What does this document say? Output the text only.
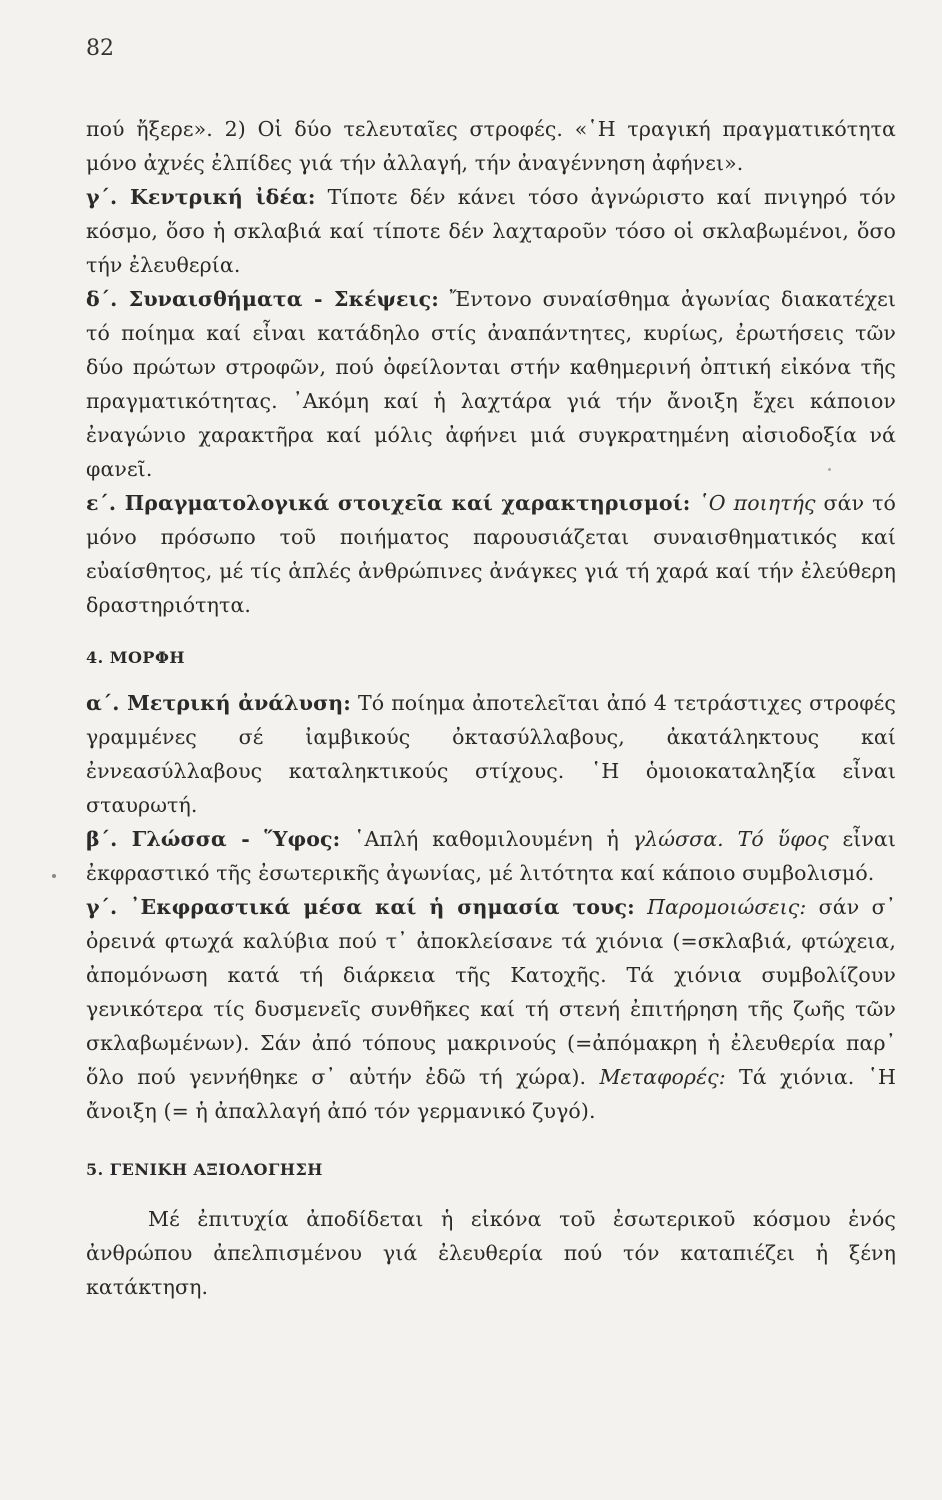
82

πού ἤξερε». 2) Οἱ δύο τελευταῖες στροφές. «῾Η τραγική πραγματικότητα μόνο ἀχνές ἐλπίδες γιά τήν ἀλλαγή, τήν ἀναγέννηση ἀφήνει».

γ΄. Κεντρική ἰδέα: Τίποτε δέν κάνει τόσο ἀγνώριστο καί πνιγηρό τόν κόσμο, ὅσο ἡ σκλαβιά καί τίποτε δέν λαχταροῦν τόσο οἱ σκλαβωμένοι, ὅσο τήν ἐλευθερία.

δ΄. Συναισθήματα - Σκέψεις: Ἔντονο συναίσθημα ἀγωνίας διακατέχει τό ποίημα καί εἶναι κατάδηλο στίς ἀναπάντητες, κυρίως, ἐρωτήσεις τῶν δύο πρώτων στροφῶν, πού ὀφείλονται στήν καθημερινή ὀπτική εἰκόνα τῆς πραγματικότητας. ᾿Ακόμη καί ἡ λαχτάρα γιά τήν ἄνοιξη ἔχει κάποιον ἐναγώνιο χαρακτῆρα καί μόλις ἀφήνει μιά συγκρατημένη αἰσιοδοξία νά φανεῖ.

ε΄. Πραγματολογικά στοιχεῖα καί χαρακτηρισμοί: ῾Ο ποιητής σάν τό μόνο πρόσωπο τοῦ ποιήματος παρουσιάζεται συναισθηματικός καί εὐαίσθητος, μέ τίς ἁπλές ἀνθρώπινες ἀνάγκες γιά τή χαρά καί τήν ἐλεύθερη δραστηριότητα.

4. ΜΟΡΦΗ

α΄. Μετρική ἀνάλυση: Τό ποίημα ἀποτελεῖται ἀπό 4 τετράστιχες στροφές γραμμένες σέ ἰαμβικούς ὀκτασύλλαβους, ἀκατάληκτους καί ἐννεασύλλαβους καταληκτικούς στίχους. ῾Η ὁμοιοκαταληξία εἶναι σταυρωτή.

β΄. Γλώσσα - Ὕφος: ῾Απλή καθομιλουμένη ἡ γλώσσα. Τό ὕφος εἶναι ἐκφραστικό τῆς ἐσωτερικῆς ἀγωνίας, μέ λιτότητα καί κάποιο συμβολισμό.

γ΄. ᾿Εκφραστικά μέσα καί ἡ σημασία τους: Παρομοιώσεις: σάν σ᾿ ὀρεινά φτωχά καλύβια πού τ᾿ ἀποκλείσανε τά χιόνια (=σκλαβιά, φτώχεια, ἀπομόνωση κατά τή διάρκεια τῆς Κατοχῆς. Τά χιόνια συμβολίζουν γενικότερα τίς δυσμενεῖς συνθῆκες καί τή στενή ἐπιτήρηση τῆς ζωῆς τῶν σκλαβωμένων). Σάν ἀπό τόπους μακρινούς (=ἀπόμακρη ἡ ἐλευθερία παρ᾿ ὅλο πού γεννήθηκε σ᾿ αὐτήν ἐδῶ τή χώρα). Μεταφορές: Τά χιόνια. ῾Η ἄνοιξη (= ἡ ἀπαλλαγή ἀπό τόν γερμανικό ζυγό).

5. ΓΕΝΙΚΗ ΑΞΙΟΛΟΓΗΣΗ

Μέ ἐπιτυχία ἀποδίδεται ἡ εἰκόνα τοῦ ἐσωτερικοῦ κόσμου ἑνός ἀνθρώπου ἀπελπισμένου γιά ἐλευθερία πού τόν καταπιέζει ἡ ξένη κατάκτηση.
